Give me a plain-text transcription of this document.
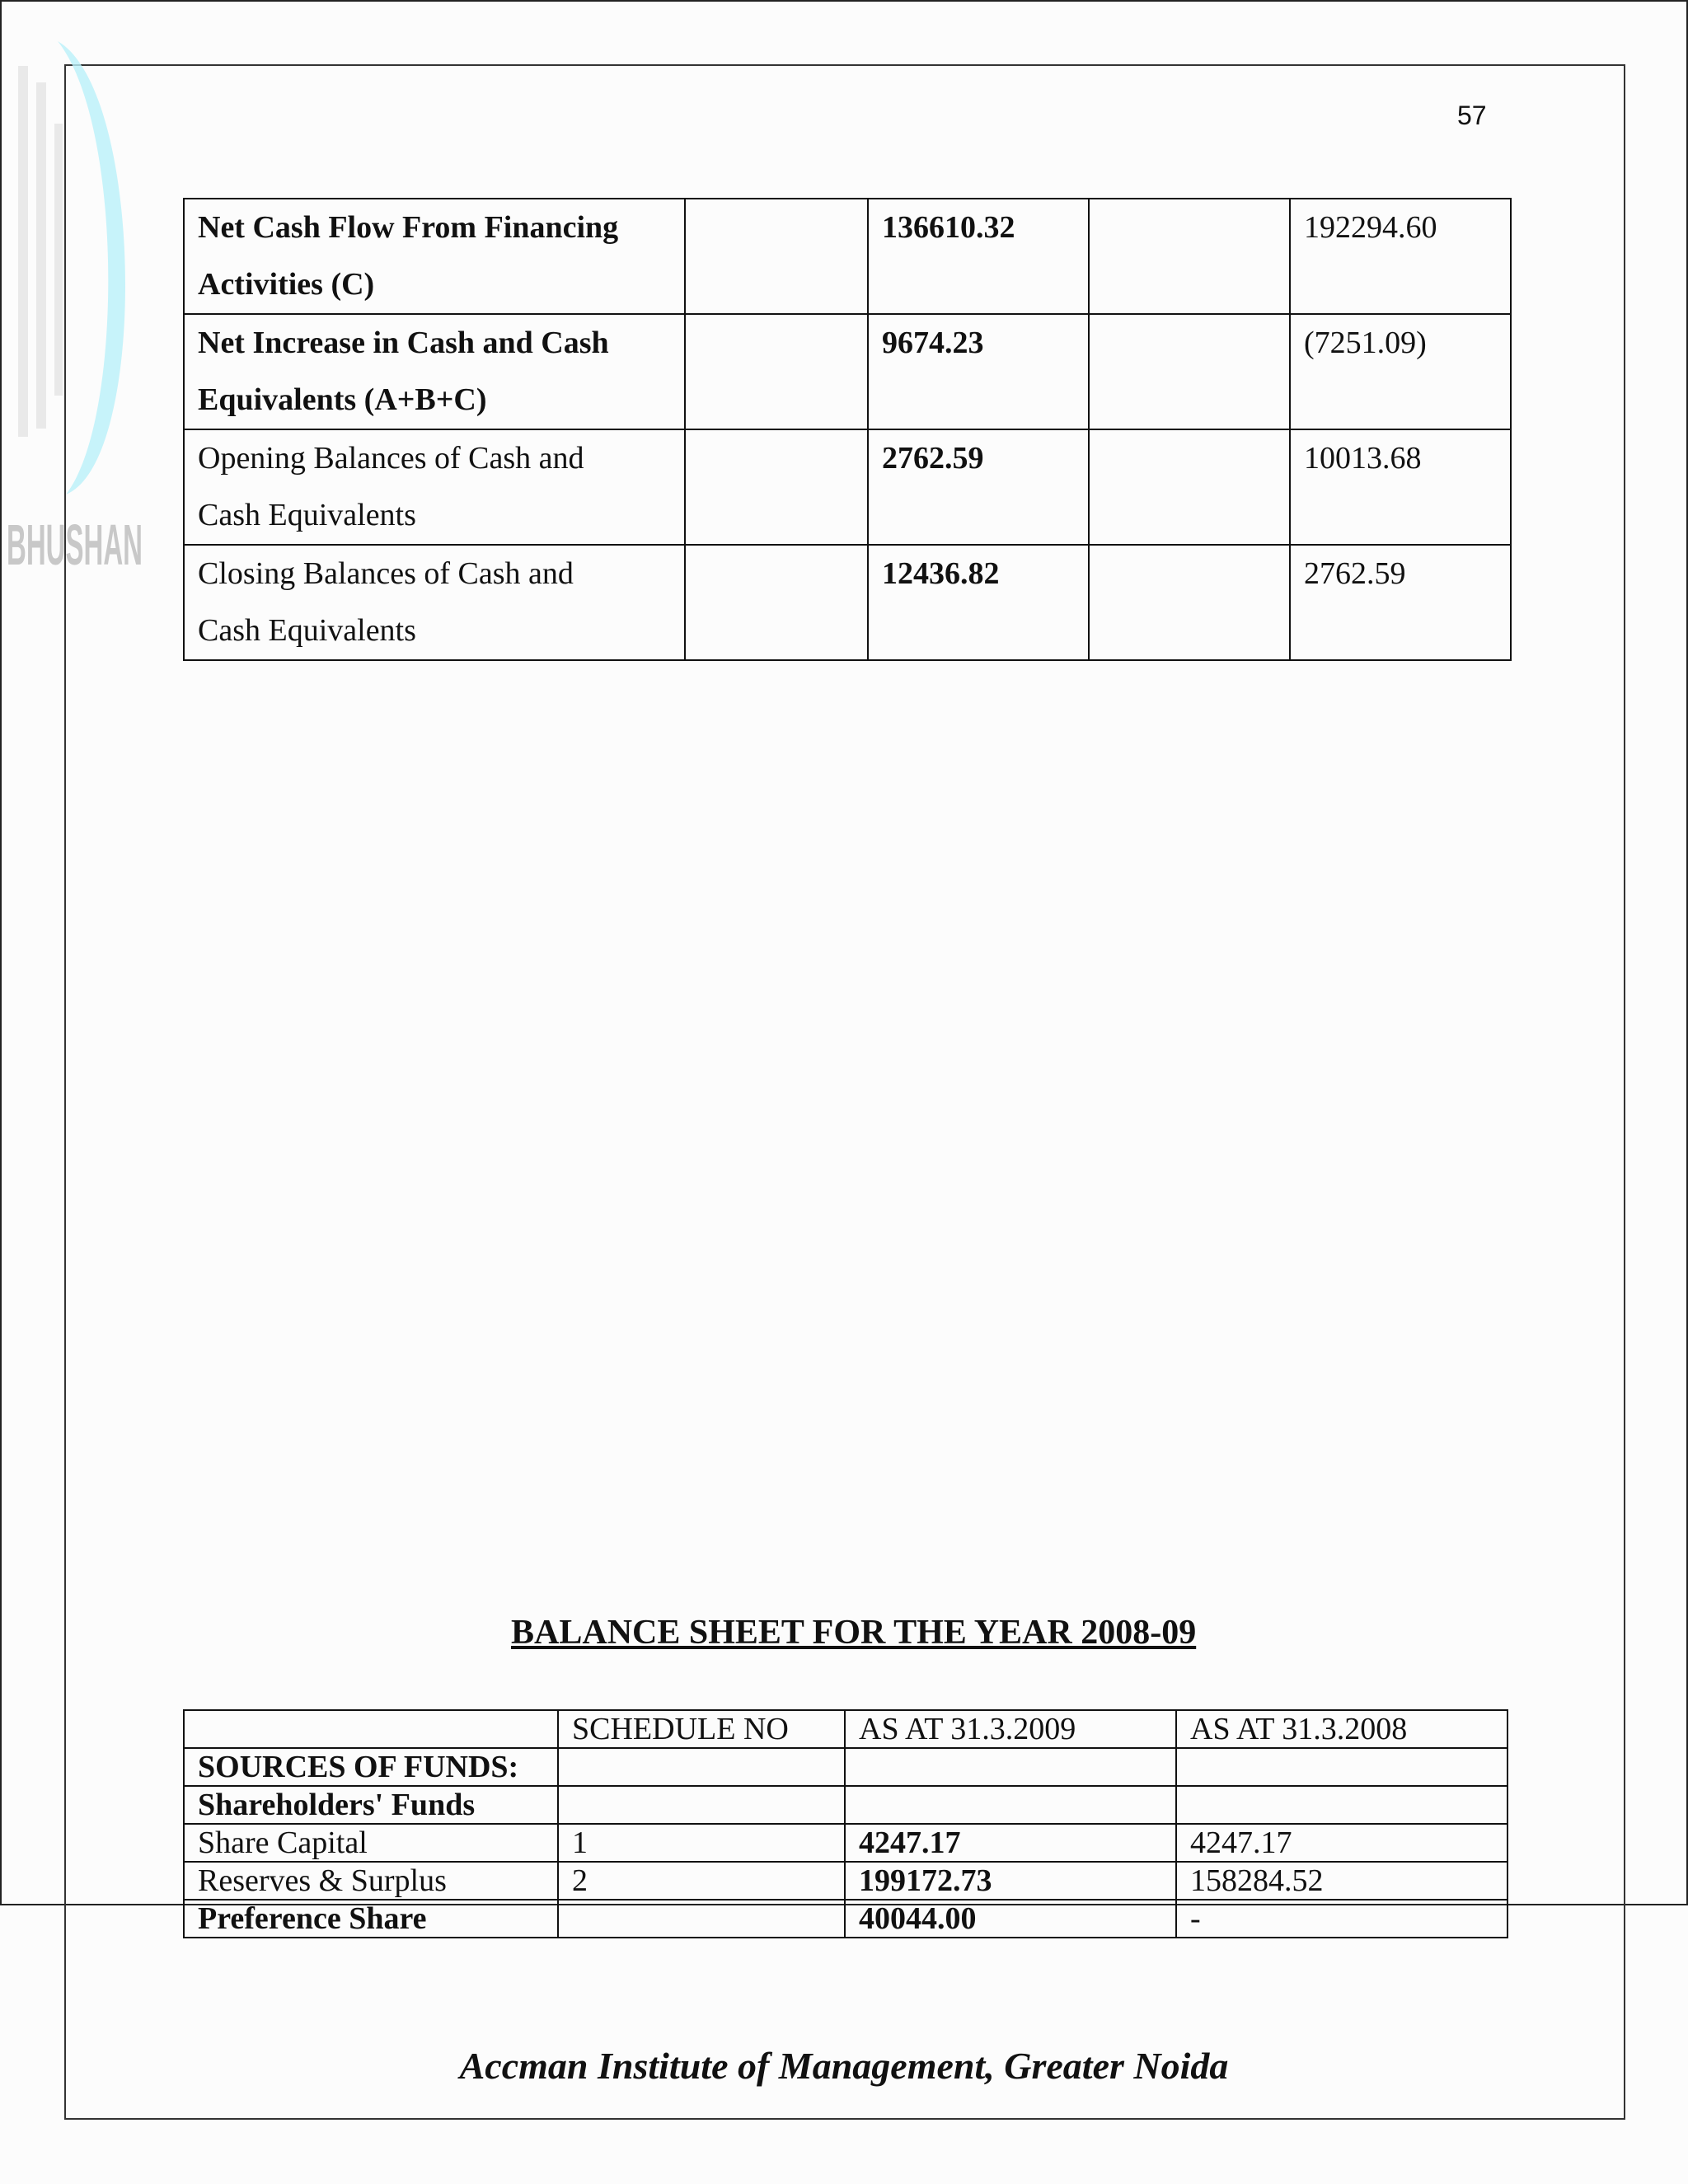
BHUSHAN
57
Net Cash Flow From Financing
Activities (C)		136610.32		192294.60
Net Increase in Cash and Cash
Equivalents (A+B+C)		9674.23		(7251.09)
Opening Balances of Cash and
Cash Equivalents		2762.59		10013.68
Closing Balances of Cash and
Cash Equivalents		12436.82		2762.59
BALANCE SHEET FOR THE YEAR 2008-09
	SCHEDULE NO	AS AT 31.3.2009	AS AT 31.3.2008
SOURCES OF FUNDS:			
Shareholders' Funds			
Share Capital	1	4247.17	4247.17
Reserves & Surplus	2	199172.73	158284.52
Preference Share		40044.00	-
Accman Institute of Management, Greater Noida
